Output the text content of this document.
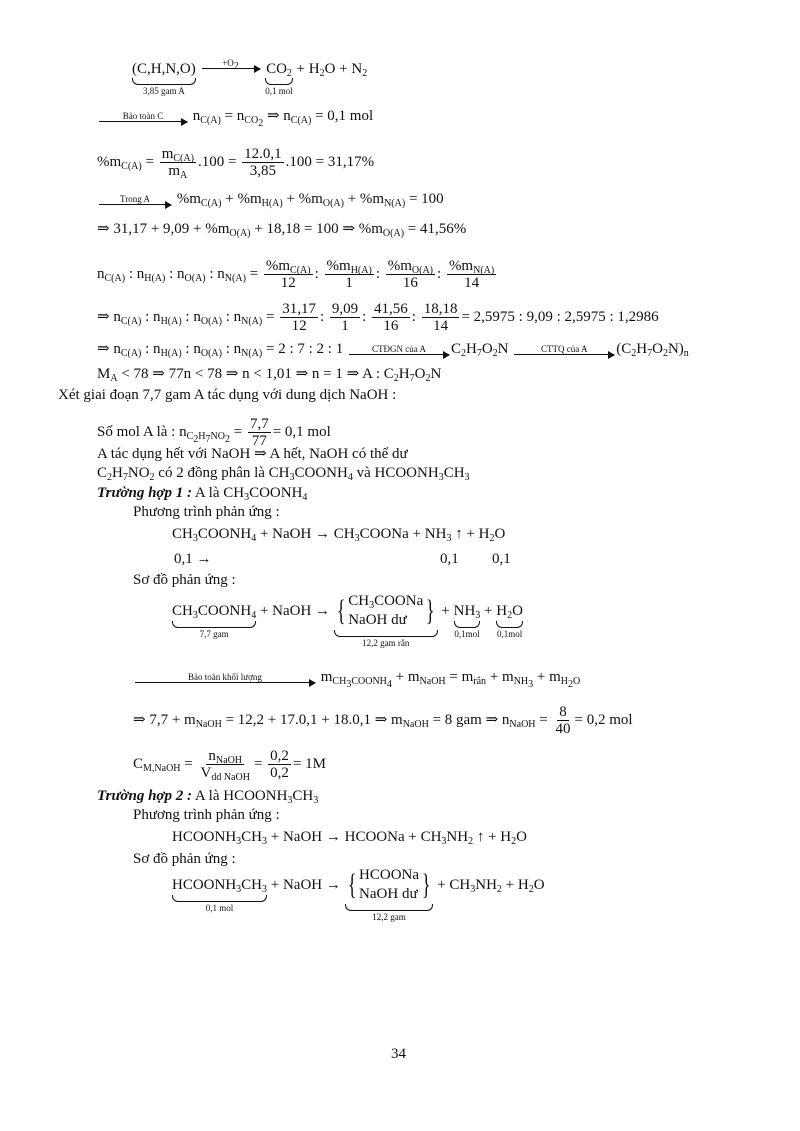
(C,H,N,O)
3,85 gam A

$+O_2$
$CO_2$
0,1 mol
+ $H_2O + N_2$
Bảo toàn C $n_{C(A)} = n_{CO_2}$ ⇒ $n_{C(A)} = 0,1$ mol
$\%m_{C(A)} = \frac{m_{C(A)}}{m_A} .100 = \frac{12.0,1}{3,85} .100 = 31,17\%$
Trong A $\%m_{C(A)} + \%m_{H(A)} + \%m_{O(A)} + \%m_{N(A)} = 100$
⇒ $31,17 + 9,09 + \%m_{O(A)} + 18,18 = 100$ ⇒ $\%m_{O(A)} = 41,56\%$
$n_{C(A)}$ : $n_{H(A)}$ : $n_{O(A)}$ : $n_{N(A)} = \frac{\%m_{C(A)}}{12}$ : $\frac{\%m_{H(A)}}{1}$ : $\frac{\%m_{O(A)}}{16}$ : $\frac{\%m_{N(A)}}{14}$
⇒ $n_{C(A)}$ : $n_{H(A)}$ : $n_{O(A)}$ : $n_{N(A)} = \frac{31,17}{12}$ : $\frac{9,09}{1}$ : $\frac{41,56}{16}$ : $\frac{18,18}{14} = 2,5975$ : 9,09 : 2,5975 : 1,2986
⇒ $n_{C(A)}$ : $n_{H(A)}$ : $n_{O(A)}$ : $n_{N(A)} = 2$ : 7 : 2 : 1	CTĐGN của A $C_2H_7O_2N$	CTTQ của A $(C_2H_7O_2N)_n$
$M_A < 78$ ⇒ 77n < 78 ⇒ n < 1,01 ⇒ n = 1 ⇒ A : $C_2H_7O_2N$
Xét giai đoạn 7,7 gam A tác dụng với dung dịch NaOH :
Số mol A là : $n_{C_2H_7NO_2} = \frac{7,7}{77} = 0,1$ mol
A tác dụng hết với NaOH ⇒ A hết, NaOH có thể dư
$C_2H_7NO_2$ có 2 đồng phân là $CH_3COONH_4$ và $HCOONH_3CH_3$
Trường hợp 1 : A là $CH_3COONH_4$
Phương trình phản ứng :
$CH_3COONH_4$ + NaOH → $CH_3COONa + NH_3$ ↑ + $H_2O$
0,1 →	0,1 0,1
Sơ đồ phản ứng :
$CH_3COONH_4$
7,7 gam
+ NaOH → { $CH_3COONa$
NaOH dư }
12,2 gam rắn
+ $NH_3$
0,1mol
+ $H_2O$
0,1mol
Bảo toàn khối lượng	$m_{CH_3COONH_4} + m_{NaOH} = m_{rắn} + m_{NH_3} + m_{H_2O}$
⇒ $7,7 + m_{NaOH} = 12,2 + 17.0,1 + 18.0,1$ ⇒ $m_{NaOH} = 8$ gam ⇒ $n_{NaOH} = \frac{8}{40} = 0,2$ mol
$C_{M,NaOH} = \frac{n_{NaOH}}{V_{dd NaOH}} = \frac{0,2}{0,2} = 1M$
Trường hợp 2 : A là $HCOONH_3CH_3$
Phương trình phản ứng :
$HCOONH_3CH_3$ + NaOH → HCOONa + $CH_3NH_2$ ↑ + $H_2O$
Sơ đồ phản ứng :
$HCOONH_3CH_3$
0,1 mol
+ NaOH → { HCOONa
NaOH dư }
12,2 gam
+ $CH_3NH_2 + H_2O$
34
